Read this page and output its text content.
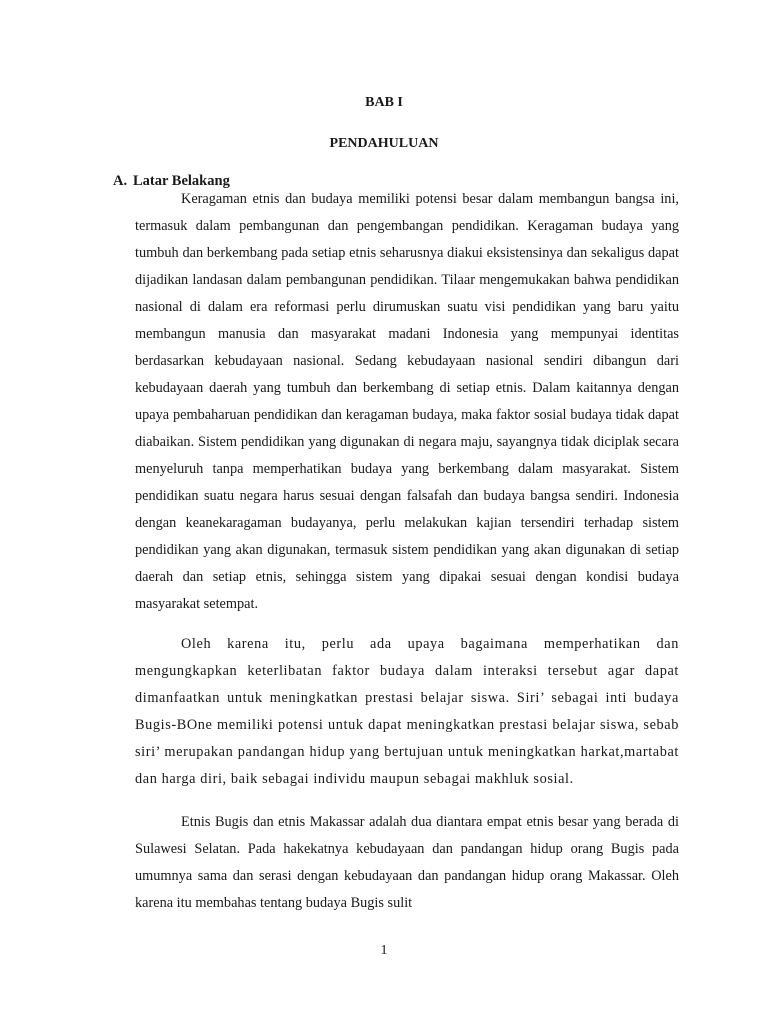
BAB I
PENDAHULUAN
A. Latar Belakang

Keragaman etnis dan budaya memiliki potensi besar dalam membangun bangsa ini, termasuk dalam pembangunan dan pengembangan pendidikan. Keragaman budaya yang tumbuh dan berkembang pada setiap etnis seharusnya diakui eksistensinya dan sekaligus dapat dijadikan landasan dalam pembangunan pendidikan. Tilaar mengemukakan bahwa pendidikan nasional di dalam era reformasi perlu dirumuskan suatu visi pendidikan yang baru yaitu membangun manusia dan masyarakat madani Indonesia yang mempunyai identitas berdasarkan kebudayaan nasional. Sedang kebudayaan nasional sendiri dibangun dari kebudayaan daerah yang tumbuh dan berkembang di setiap etnis. Dalam kaitannya dengan upaya pembaharuan pendidikan dan keragaman budaya, maka faktor sosial budaya tidak dapat diabaikan. Sistem pendidikan yang digunakan di negara maju, sayangnya tidak diciplak secara menyeluruh tanpa memperhatikan budaya yang berkembang dalam masyarakat. Sistem pendidikan suatu negara harus sesuai dengan falsafah dan budaya bangsa sendiri. Indonesia dengan keanekaragaman budayanya, perlu melakukan kajian tersendiri terhadap sistem pendidikan yang akan digunakan, termasuk sistem pendidikan yang akan digunakan di setiap daerah dan setiap etnis, sehingga sistem yang dipakai sesuai dengan kondisi budaya masyarakat setempat.

Oleh karena itu, perlu ada upaya bagaimana memperhatikan dan mengungkapkan keterlibatan faktor budaya dalam interaksi tersebut agar dapat dimanfaatkan untuk meningkatkan prestasi belajar siswa. Siri’ sebagai inti budaya Bugis-BOne memiliki potensi untuk dapat meningkatkan prestasi belajar siswa, sebab siri’ merupakan pandangan hidup yang bertujuan untuk meningkatkan harkat,martabat dan harga diri, baik sebagai individu maupun sebagai makhluk sosial.

Etnis Bugis dan etnis Makassar adalah dua diantara empat etnis besar yang berada di Sulawesi Selatan. Pada hakekatnya kebudayaan dan pandangan hidup orang Bugis pada umumnya sama dan serasi dengan kebudayaan dan pandangan hidup orang Makassar. Oleh karena itu membahas tentang budaya Bugis sulit

1
